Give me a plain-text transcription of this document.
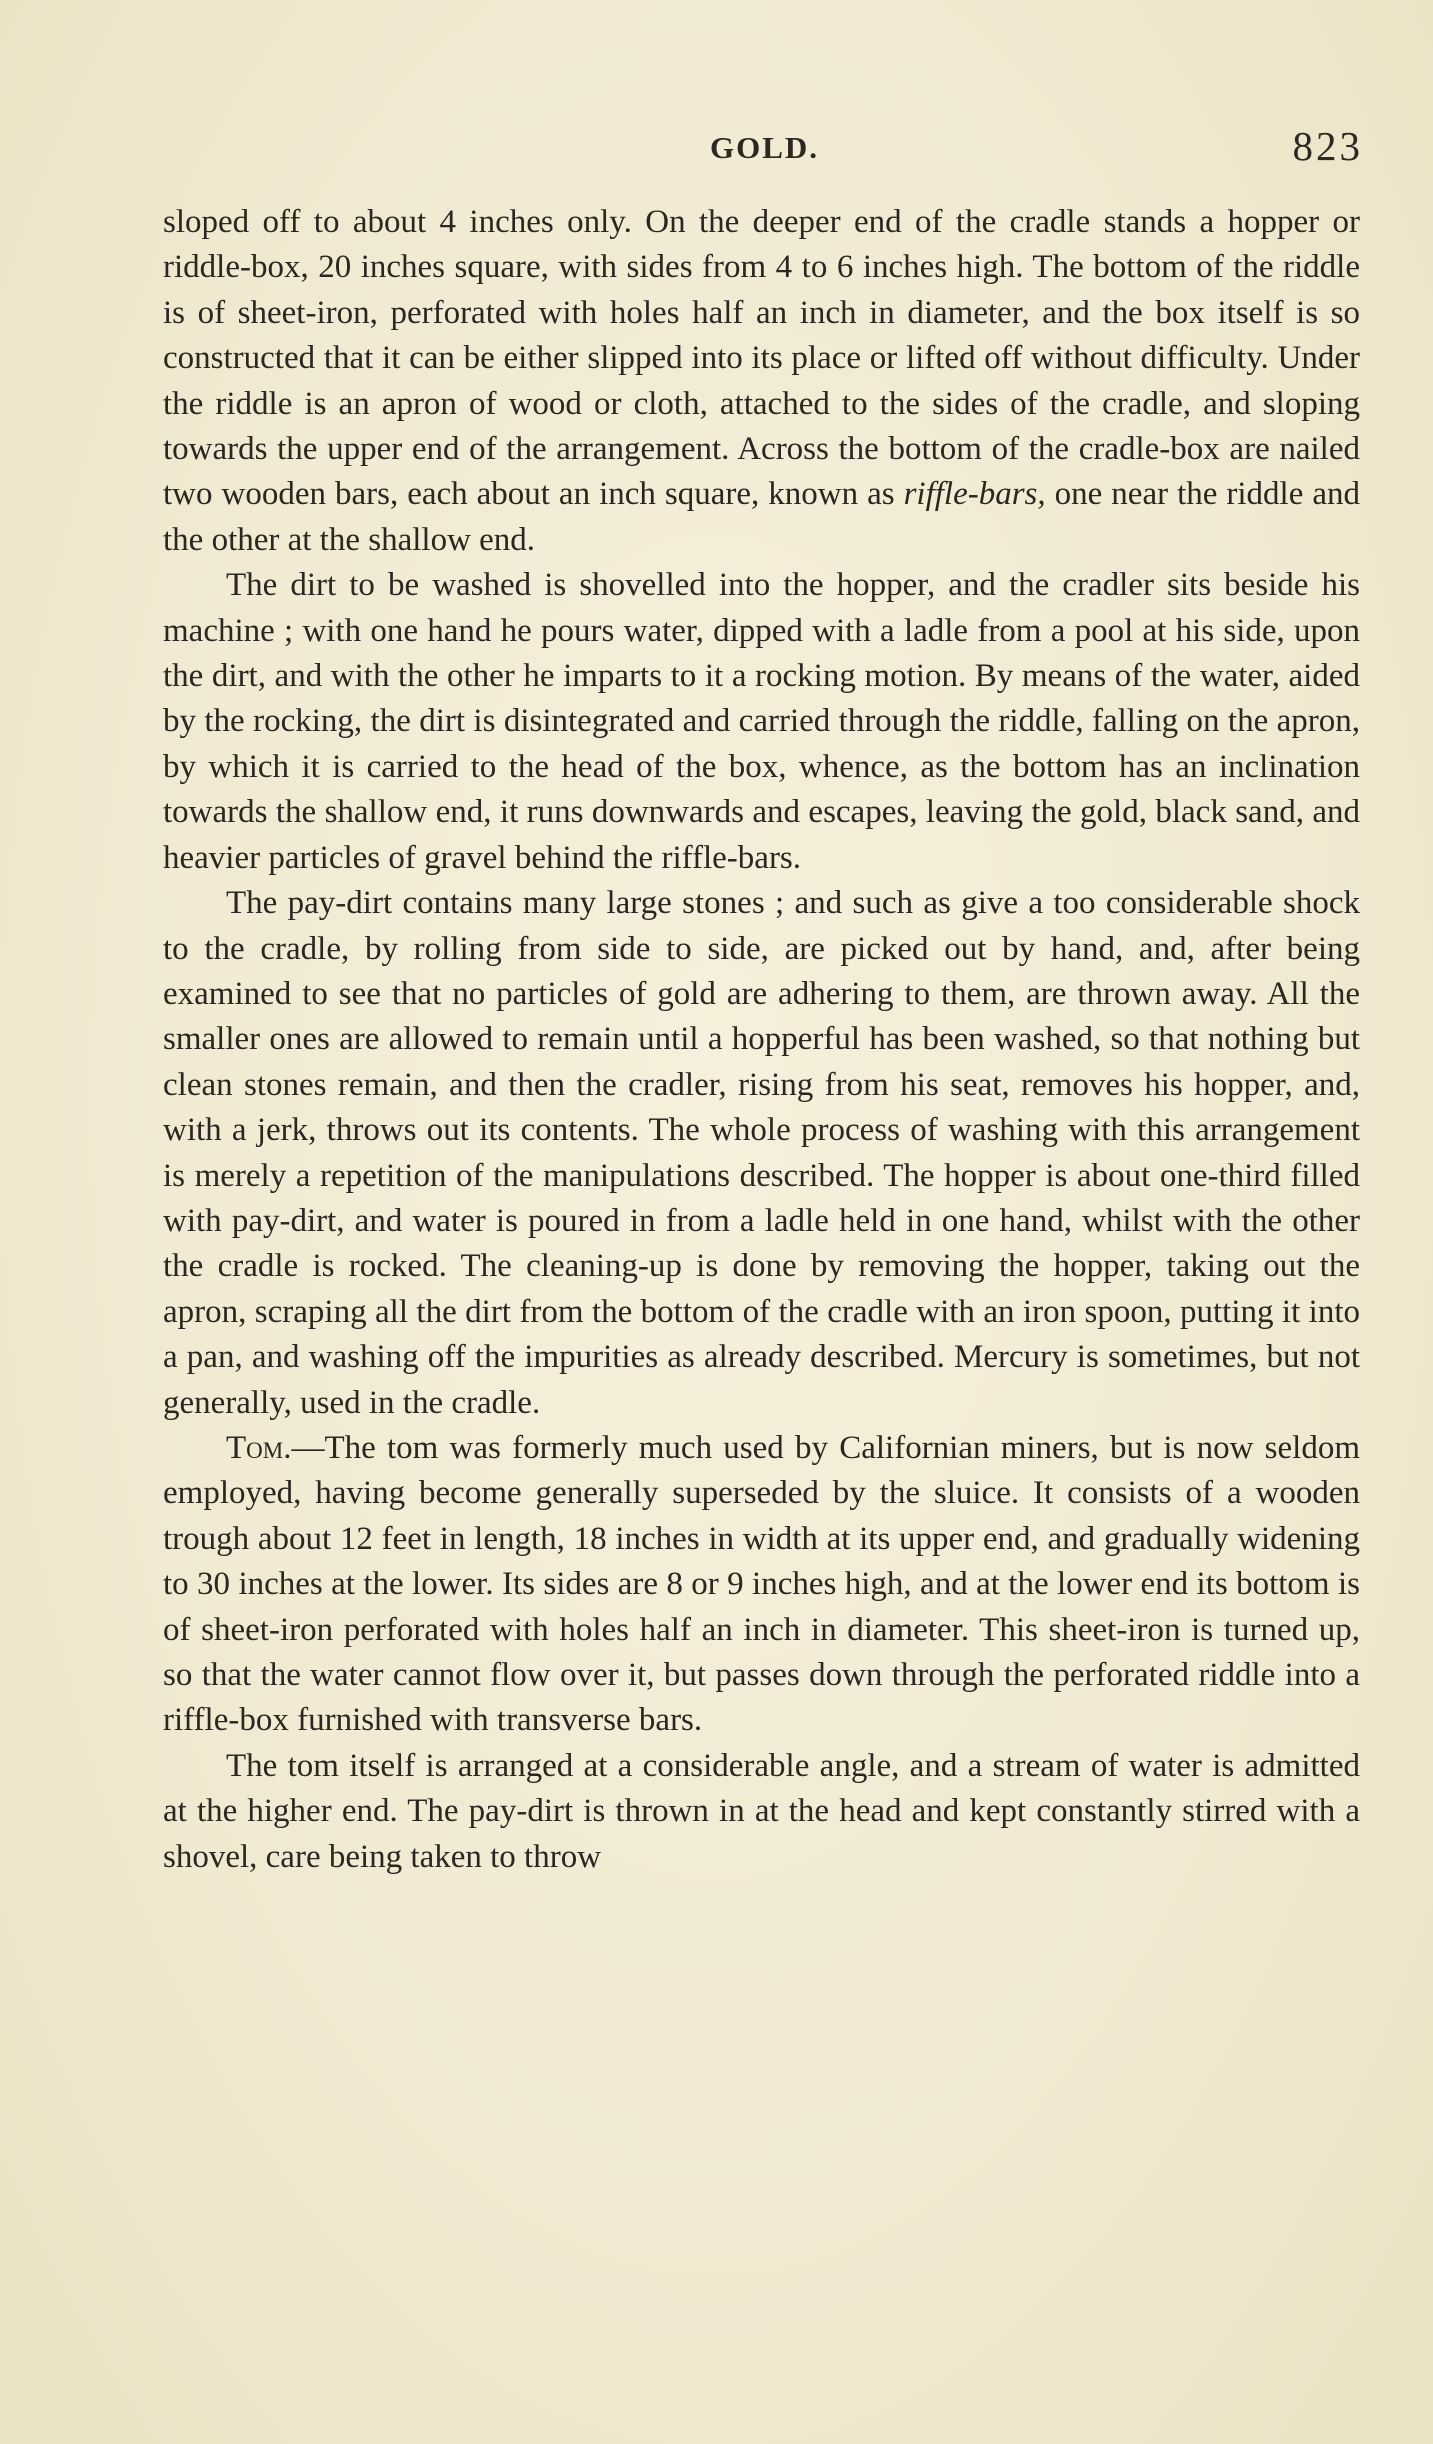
GOLD.	823

sloped off to about 4 inches only. On the deeper end of the cradle stands a hopper or riddle-box, 20 inches square, with sides from 4 to 6 inches high. The bottom of the riddle is of sheet-iron, perforated with holes half an inch in diameter, and the box itself is so constructed that it can be either slipped into its place or lifted off without difficulty. Under the riddle is an apron of wood or cloth, attached to the sides of the cradle, and sloping towards the upper end of the arrangement. Across the bottom of the cradle-box are nailed two wooden bars, each about an inch square, known as riffle-bars, one near the riddle and the other at the shallow end.

The dirt to be washed is shovelled into the hopper, and the cradler sits beside his machine ; with one hand he pours water, dipped with a ladle from a pool at his side, upon the dirt, and with the other he imparts to it a rocking motion. By means of the water, aided by the rocking, the dirt is disintegrated and carried through the riddle, falling on the apron, by which it is carried to the head of the box, whence, as the bottom has an inclination towards the shallow end, it runs downwards and escapes, leaving the gold, black sand, and heavier particles of gravel behind the riffle-bars.

The pay-dirt contains many large stones ; and such as give a too considerable shock to the cradle, by rolling from side to side, are picked out by hand, and, after being examined to see that no particles of gold are adhering to them, are thrown away. All the smaller ones are allowed to remain until a hopperful has been washed, so that nothing but clean stones remain, and then the cradler, rising from his seat, removes his hopper, and, with a jerk, throws out its contents. The whole process of washing with this arrangement is merely a repetition of the manipulations described. The hopper is about one-third filled with pay-dirt, and water is poured in from a ladle held in one hand, whilst with the other the cradle is rocked. The cleaning-up is done by removing the hopper, taking out the apron, scraping all the dirt from the bottom of the cradle with an iron spoon, putting it into a pan, and washing off the impurities as already described. Mercury is sometimes, but not generally, used in the cradle.

Tom.—The tom was formerly much used by Californian miners, but is now seldom employed, having become generally superseded by the sluice. It consists of a wooden trough about 12 feet in length, 18 inches in width at its upper end, and gradually widening to 30 inches at the lower. Its sides are 8 or 9 inches high, and at the lower end its bottom is of sheet-iron perforated with holes half an inch in diameter. This sheet-iron is turned up, so that the water cannot flow over it, but passes down through the perforated riddle into a riffle-box furnished with transverse bars.

The tom itself is arranged at a considerable angle, and a stream of water is admitted at the higher end. The pay-dirt is thrown in at the head and kept constantly stirred with a shovel, care being taken to throw
